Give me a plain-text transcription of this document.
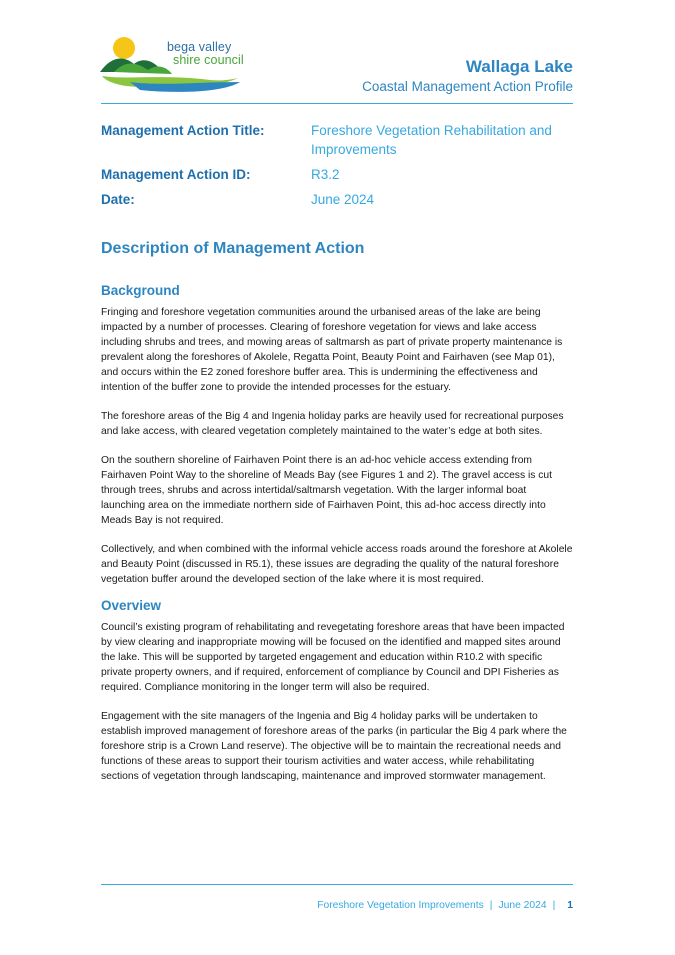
bega valley
shire council	Wallaga Lake
Coastal Management Action Profile
Management Action Title:	Foreshore Vegetation Rehabilitation and Improvements
Management Action ID:	R3.2
Date:	June 2024
Description of Management Action
Background

Fringing and foreshore vegetation communities around the urbanised areas of the lake are being impacted by a number of processes. Clearing of foreshore vegetation for views and lake access including shrubs and trees, and mowing areas of saltmarsh as part of private property maintenance is prevalent along the foreshores of Akolele, Regatta Point, Beauty Point and Fairhaven (see Map 01), and occurs within the E2 zoned foreshore buffer area. This is undermining the effectiveness and intention of the buffer zone to provide the intended processes for the estuary.

The foreshore areas of the Big 4 and Ingenia holiday parks are heavily used for recreational purposes and lake access, with cleared vegetation completely maintained to the water’s edge at both sites.

On the southern shoreline of Fairhaven Point there is an ad-hoc vehicle access extending from Fairhaven Point Way to the shoreline of Meads Bay (see Figures 1 and 2). The gravel access is cut through trees, shrubs and across intertidal/saltmarsh vegetation. With the larger informal boat launching area on the immediate northern side of Fairhaven Point, this ad-hoc access directly into Meads Bay is not required.

Collectively, and when combined with the informal vehicle access roads around the foreshore at Akolele and Beauty Point (discussed in R5.1), these issues are degrading the quality of the natural foreshore vegetation buffer around the developed section of the lake where it is most required.

Overview

Council’s existing program of rehabilitating and revegetating foreshore areas that have been impacted by view clearing and inappropriate mowing will be focused on the identified and mapped sites around the lake. This will be supported by targeted engagement and education within R10.2 with specific private property owners, and if required, enforcement of compliance by Council and DPI Fisheries as required. Compliance monitoring in the longer term will also be required.

Engagement with the site managers of the Ingenia and Big 4 holiday parks will be undertaken to establish improved management of foreshore areas of the parks (in particular the Big 4 park where the foreshore strip is a Crown Land reserve). The objective will be to maintain the recreational needs and functions of these areas to support their tourism activities and water access, while rehabilitating sections of vegetation through landscaping, maintenance and improved stormwater management.

Foreshore Vegetation Improvements | June 2024 | 1
